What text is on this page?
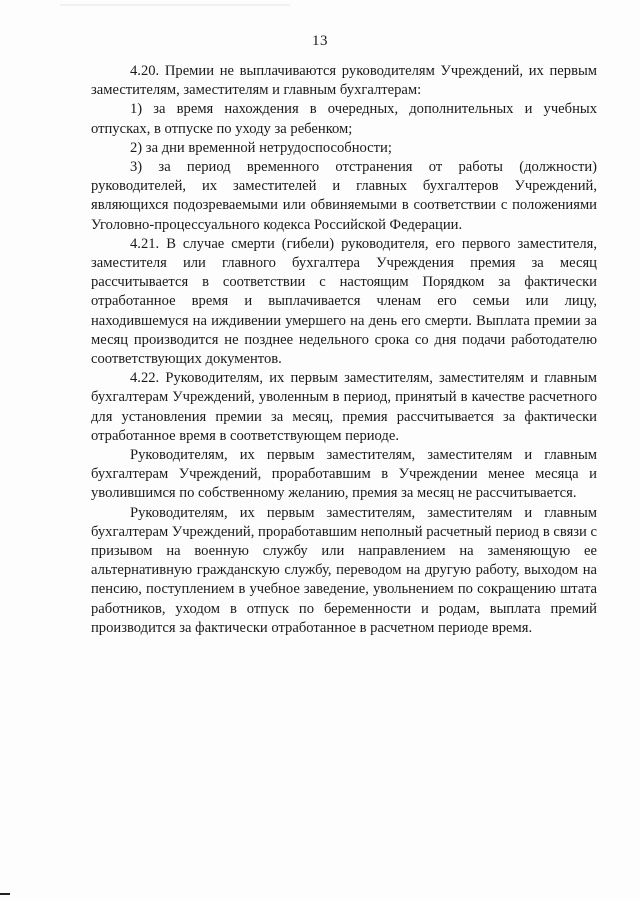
13

4.20. Премии не выплачиваются руководителям Учреждений, их первым заместителям, заместителям и главным бухгалтерам:

1) за время нахождения в очередных, дополнительных и учебных отпусках, в отпуске по уходу за ребенком;

2) за дни временной нетрудоспособности;

3) за период временного отстранения от работы (должности) руководителей, их заместителей и главных бухгалтеров Учреждений, являющихся подозреваемыми или обвиняемыми в соответствии с положениями Уголовно-процессуального кодекса Российской Федерации.

4.21. В случае смерти (гибели) руководителя, его первого заместителя, заместителя или главного бухгалтера Учреждения премия за месяц рассчитывается в соответствии с настоящим Порядком за фактически отработанное время и выплачивается членам его семьи или лицу, находившемуся на иждивении умершего на день его смерти. Выплата премии за месяц производится не позднее недельного срока со дня подачи работодателю соответствующих документов.

4.22. Руководителям, их первым заместителям, заместителям и главным бухгалтерам Учреждений, уволенным в период, принятый в качестве расчетного для установления премии за месяц, премия рассчитывается за фактически отработанное время в соответствующем периоде.

Руководителям, их первым заместителям, заместителям и главным бухгалтерам Учреждений, проработавшим в Учреждении менее месяца и уволившимся по собственному желанию, премия за месяц не рассчитывается.

Руководителям, их первым заместителям, заместителям и главным бухгалтерам Учреждений, проработавшим неполный расчетный период в связи с призывом на военную службу или направлением на заменяющую ее альтернативную гражданскую службу, переводом на другую работу, выходом на пенсию, поступлением в учебное заведение, увольнением по сокращению штата работников, уходом в отпуск по беременности и родам, выплата премий производится за фактически отработанное в расчетном периоде время.
